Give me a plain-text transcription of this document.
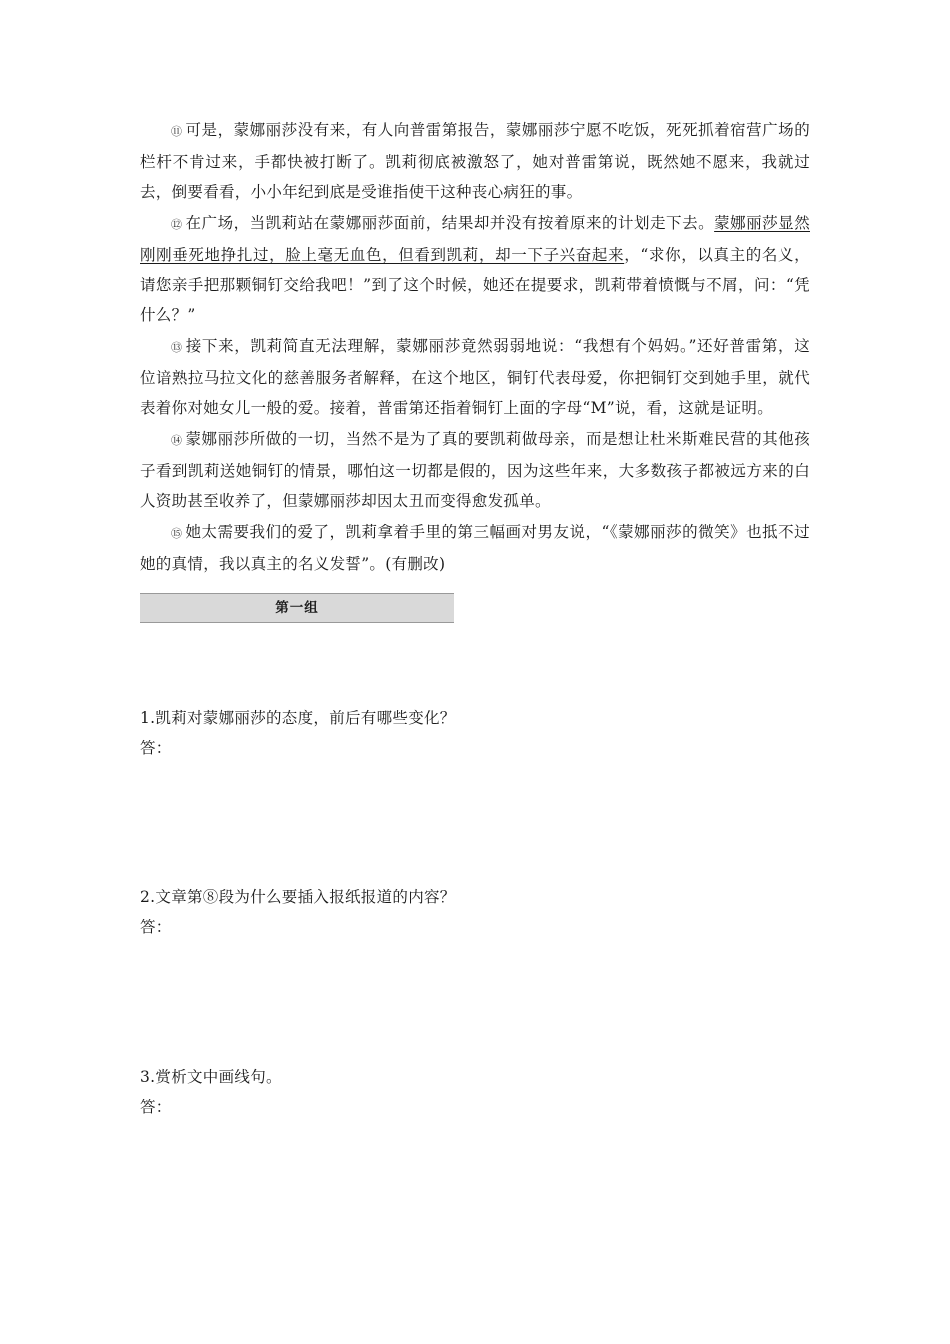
⑪ 可是，蒙娜丽莎没有来，有人向普雷第报告，蒙娜丽莎宁愿不吃饭，死死抓着宿营广场的栏杆不肯过来，手都快被打断了。凯莉彻底被激怒了，她对普雷第说，既然她不愿来，我就过去，倒要看看，小小年纪到底是受谁指使干这种丧心病狂的事。

⑫ 在广场，当凯莉站在蒙娜丽莎面前，结果却并没有按着原来的计划走下去。蒙娜丽莎显然刚刚垂死地挣扎过，脸上毫无血色，但看到凯莉，却一下子兴奋起来，“求你，以真主的名义，请您亲手把那颗铜钉交给我吧！”到了这个时候，她还在提要求，凯莉带着愤慨与不屑，问：“凭什么？”

⑬ 接下来，凯莉简直无法理解，蒙娜丽莎竟然弱弱地说：“我想有个妈妈。”还好普雷第，这位谙熟拉马拉文化的慈善服务者解释，在这个地区，铜钉代表母爱，你把铜钉交到她手里，就代表着你对她女儿一般的爱。接着，普雷第还指着铜钉上面的字母“M”说，看，这就是证明。

⑭ 蒙娜丽莎所做的一切，当然不是为了真的要凯莉做母亲，而是想让杜米斯难民营的其他孩子看到凯莉送她铜钉的情景，哪怕这一切都是假的，因为这些年来，大多数孩子都被远方来的白人资助甚至收养了，但蒙娜丽莎却因太丑而变得愈发孤单。

⑮ 她太需要我们的爱了，凯莉拿着手里的第三幅画对男友说，“《蒙娜丽莎的微笑》也抵不过她的真情，我以真主的名义发誓”。(有删改)

第一组

1.凯莉对蒙娜丽莎的态度，前后有哪些变化？

答：

2.文章第⑧段为什么要插入报纸报道的内容？

答：

3.赏析文中画线句。

答：
